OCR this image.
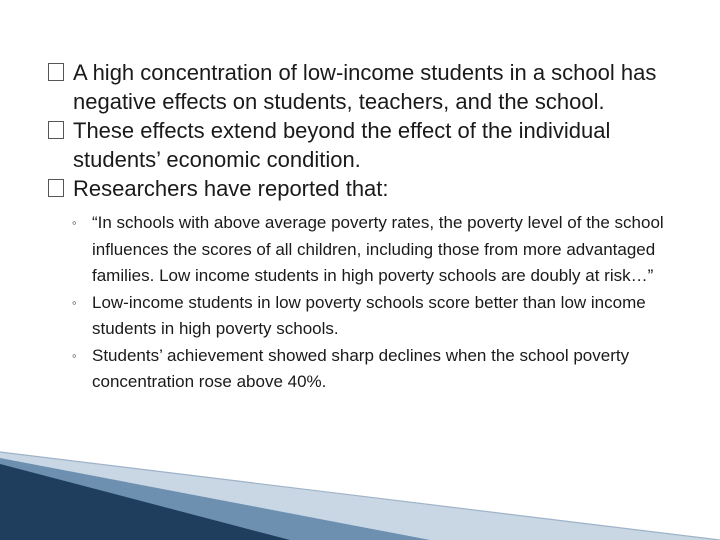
A high concentration of low-income students in a school has negative effects on students, teachers, and the school.
These effects extend beyond the effect of the individual students’ economic condition.
Researchers have reported that:
◦ “In schools with above average poverty rates, the poverty level of the school influences the scores of all children, including those from more advantaged families. Low income students in high poverty schools are doubly at risk…”
◦ Low-income students in low poverty schools score better than low income students in high poverty schools.
◦ Students’ achievement showed sharp declines when the school poverty concentration rose above 40%.
